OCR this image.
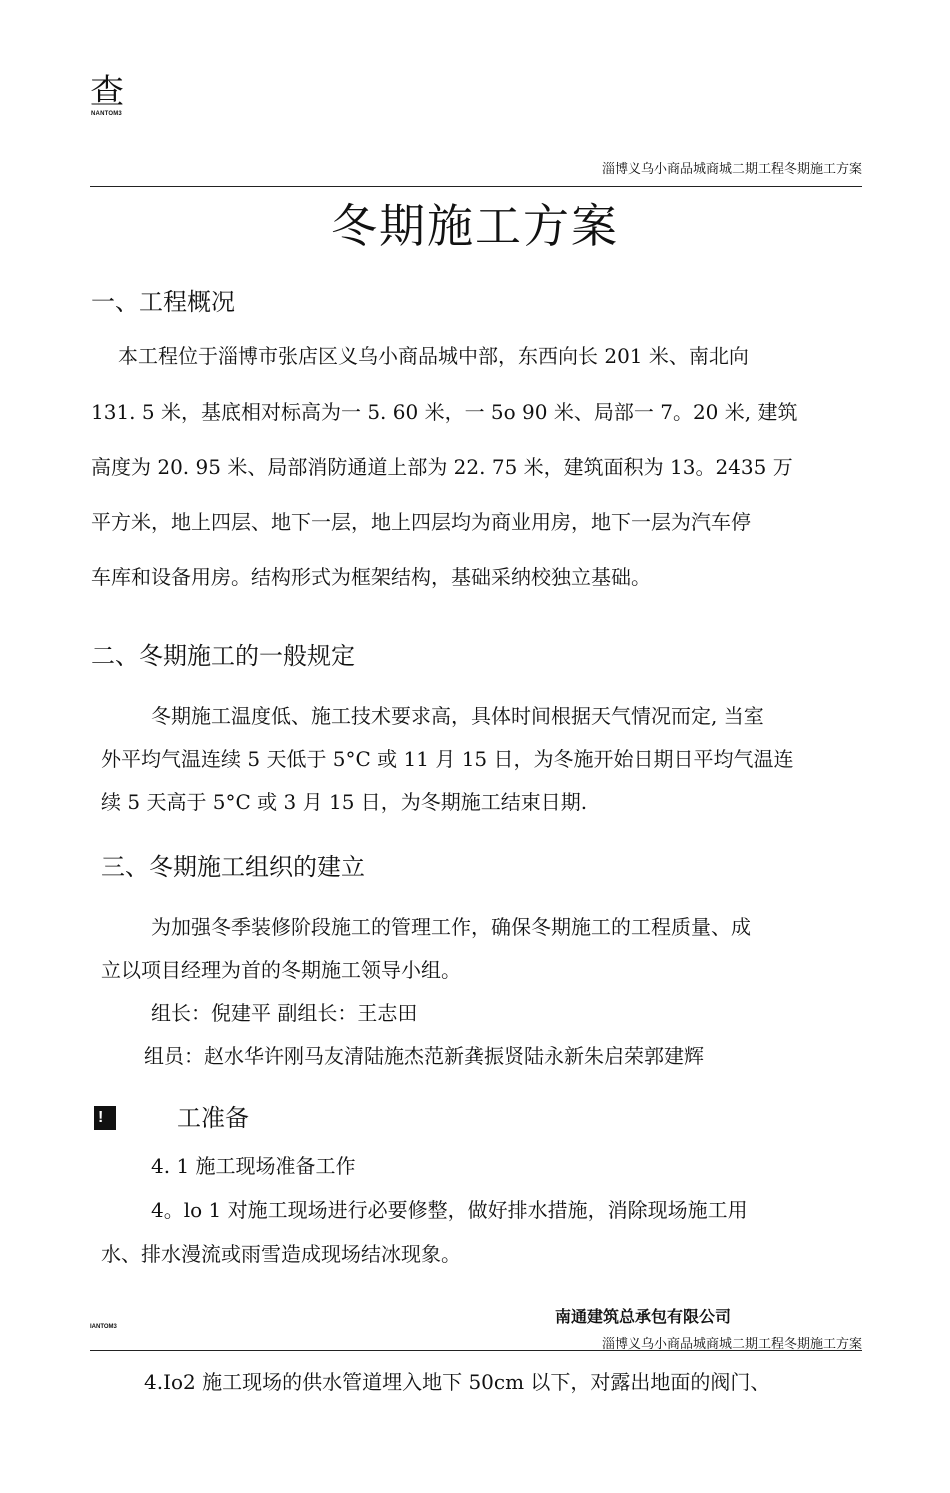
查
NANTOM3
淄博义乌小商品城商城二期工程冬期施工方案
冬期施工方案
一、工程概况
本工程位于淄博市张店区义乌小商品城中部，东西向长 201 米、南北向
131. 5 米，基底相对标高为一 5. 60 米，一 5o 90 米、局部一 7。20 米, 建筑
高度为 20. 95 米、局部消防通道上部为 22. 75 米，建筑面积为 13。2435 万
平方米，地上四层、地下一层，地上四层均为商业用房，地下一层为汽车停
车库和设备用房。结构形式为框架结构，基础采纳校独立基础。
二、冬期施工的一般规定
冬期施工温度低、施工技术要求高，具体时间根据天气情况而定, 当室
外平均气温连续 5 天低于 5°C 或 11 月 15 日，为冬施开始日期日平均气温连
续 5 天高于 5°C 或 3 月 15 日，为冬期施工结束日期.
三、冬期施工组织的建立
为加强冬季装修阶段施工的管理工作，确保冬期施工的工程质量、成
立以项目经理为首的冬期施工领导小组。
组长：倪建平 副组长：王志田
组员：赵水华许刚马友清陆施杰范新龚振贤陆永新朱启荣郭建辉
!	工准备
4. 1 施工现场准备工作
4。lo 1 对施工现场进行必要修整，做好排水措施，消除现场施工用
水、排水漫流或雨雪造成现场结冰现象。
南通建筑总承包有限公司
IANTOM3
淄博义乌小商品城商城二期工程冬期施工方案
4.Io2 施工现场的供水管道埋入地下 50cm 以下，对露出地面的阀门、
